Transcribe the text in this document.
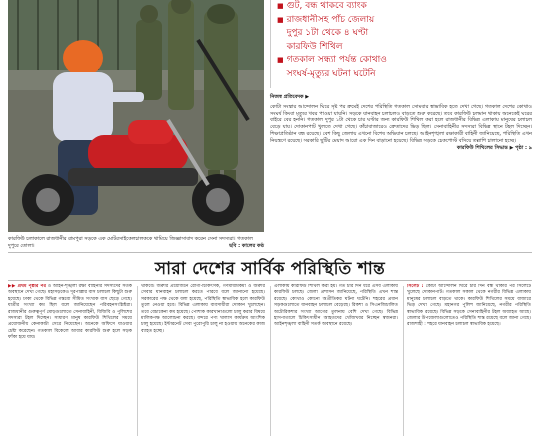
কারফিউ চলাকালে রাজধানীর রামপুরা সড়কে এক মোটরসাইকেলচালককে থামিয়ে জিজ্ঞাসাবাদ করেন সেনা সদস্যরা। গতকাল দুপুরে তোলা।	ছবি : কালের কণ্ঠ
■ গুট, বন্ধ থাকবে ব্যাংক
■ রাজধানীসহ পাঁচ জেলায়
দুপুর ১টা থেকে ৪ ঘণ্টা
কারফিউ শিথিল
■ গতকাল সন্ধ্যা পর্যন্ত কোথাও
সংঘর্ষ-মৃত্যুর ঘটনা ঘটেনি
নিজস্ব প্রতিবেদক ▶
কোটা সংস্কার আন্দোলন ঘিরে সৃষ্ট পর ক্রমেই দেশের পরিস্থিতি গতকাল সোমবার স্বাভাবিক হতে দেখা গেছে। গতকাল দেশের কোথাও সংঘর্ষ কিংবা মৃত্যুর খবর পাওয়া যায়নি। সড়কে যানবাহন চলাচলও বাড়তে শুরু করেছে। তবে কারফিউ চলমান থাকায় অনেকেই ঘরের বাইরে বের হননি। গতকাল দুপুর ১টা থেকে চার ঘণ্টার জন্য কারফিউ শিথিল করা হলে রাজধানীর বিভিন্ন এলাকায় মানুষের চলাচল বেড়ে যায়। দোকানপাট খুলতে দেখা গেছে। কাঁচাবাজারেও ক্রেতাদের ভিড় ছিল। সেনাবাহিনীর সদস্যরা বিভিন্ন স্থানে টহল দিচ্ছেন। শিক্ষাপ্রতিষ্ঠান বন্ধ রয়েছে। বেশ কিছু জেলায় এখনো বিশেষ অভিযান চলছে। আইনশৃঙ্খলা রক্ষাকারী বাহিনী জানিয়েছে, পরিস্থিতি এখন নিয়ন্ত্রণে রয়েছে। সরকারি ছুটির মেয়াদ আরো এক দিন বাড়ানো হয়েছে। বিভিন্ন সড়কে চেকপোস্ট বসিয়ে তল্লাশি চালানো হচ্ছে।
কারফিউ শিথিলের সিদ্ধান্ত ▶ পৃষ্ঠা : ৯
সারা দেশের সার্বিক পরিস্থিতি শান্ত
▶▶ প্রথম পৃষ্ঠার পর ও আইন-শৃঙ্খলা রক্ষা বাহিনীর সদস্যদের সতর্ক অবস্থানে দেখা গেছে। মহাসড়কেও দূরপাল্লার বাস চলাচল কিছুটা শুরু হয়েছে। ঢাকা থেকে বিভিন্ন গন্তব্যে সীমিত সংখ্যক বাস ছেড়ে গেছে। যাত্রীর সংখ্যা কম ছিল বলে জানিয়েছেন পরিবহনসংশ্লিষ্টরা। রাজধানীর গুরুত্বপূর্ণ মোড়গুলোতে সেনাবাহিনী, বিজিবি ও পুলিশের সদস্যরা টহল দিচ্ছেন। সাধারণ মানুষ কারফিউ শিথিলের সময়ে প্রয়োজনীয় কেনাকাটা সেরে নিয়েছেন। অনেকে অফিসে যাওয়ার চেষ্টা করেছেন। গতকাল বিকেলে আবার কারফিউ শুরু হলে সড়ক ফাঁকা হয়ে যায়।
থাকবে। জরুরি প্রয়োজনে রোগী-চিকিৎসক, গণমাধ্যমকর্মী ও জরুরি সেবার যানবাহন চলাচল করতে পারবে বলে জানানো হয়েছে। সরকারের পক্ষ থেকে বলা হয়েছে, পরিস্থিতি স্বাভাবিক হলে কারফিউ তুলে নেওয়া হবে। বিভিন্ন এলাকায় ব্যবসায়ীরা দোকান খুলেছেন। তবে বেচাকেনা কম হয়েছে। পোশাক কারখানাগুলো চালু করার বিষয়ে মালিকপক্ষ আলোচনা করছে। বন্দরে পণ্য খালাস কার্যক্রম আংশিক চালু হয়েছে। ইন্টারনেট সেবা পুরোপুরি চালু না হওয়ায় অনেকের কাজ ব্যাহত হচ্ছে।
এলাকায় কারফিউ শিথিল করা হয়। গত চার দিন ধরে এসব এলাকায় কারফিউ চলছে। জেলা প্রশাসন জানিয়েছে, পরিস্থিতি এখন শান্ত রয়েছে। কোথাও কোনো অপ্রীতিকর ঘটনা ঘটেনি। শহরের প্রধান সড়কগুলোতে যানবাহন চলাচল বেড়েছে। রিকশা ও সিএনজিচালিত অটোরিকশার সংখ্যা আগের তুলনায় বেশি দেখা গেছে। বিভিন্ন হাসপাতালে চিকিৎসাধীন আহতদের খোঁজখবর নিচ্ছেন স্বজনরা। আইনশৃঙ্খলা বাহিনী সতর্ক অবস্থানে রয়েছে।
সিলেট : কোটা আন্দোলন ঘিরে চার দিন বন্ধ থাকার পর সিলেটে খুলেছে দোকানপাট। গতকাল সকাল থেকে নগরীর বিভিন্ন এলাকায় মানুষের চলাচল বাড়তে থাকে। কারফিউ শিথিলের সময়ে বাজারে ভিড় দেখা গেছে। মহানগর পুলিশ জানিয়েছে, নগরীর পরিস্থিতি স্বাভাবিক রয়েছে। বিভিন্ন সড়কে সেনাবাহিনীর টহল অব্যাহত আছে। জেলার উপজেলাগুলোতেও পরিস্থিতি শান্ত রয়েছে বলে জানা গেছে। রাজশাহী : শহরে যানবাহন চলাচল স্বাভাবিক হয়েছে।
